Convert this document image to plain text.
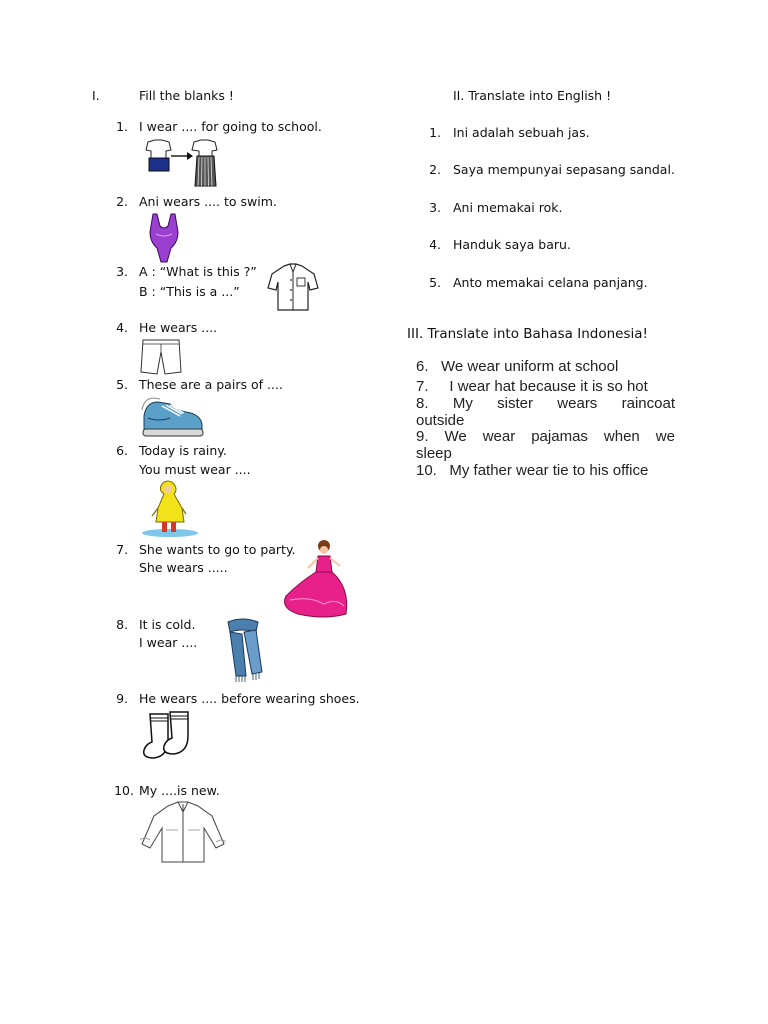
I.	Fill the blanks !
1. I wear .... for going to school.
2. Ani wears .... to swim.
3. A : “What is this ?”
B : “This is a ...”
4. He wears ....
5. These are a pairs of ....
6. Today is rainy.
You must wear ....
7. She wants to go to party.
She wears .....
8. It is cold.
I wear ....
9. He wears .... before wearing shoes.
10. My ....is new.
II. Translate into English !
1. Ini adalah sebuah jas.
2. Saya mempunyai sepasang sandal.
3. Ani memakai rok.
4. Handuk saya baru.
5. Anto memakai celana panjang.
III. Translate into Bahasa Indonesia!
6. We wear uniform at school
7. I wear hat because it is so hot
8. My sister wears raincoat
outside
9. We wear pajamas when we
sleep
10. My father wear tie to his office
